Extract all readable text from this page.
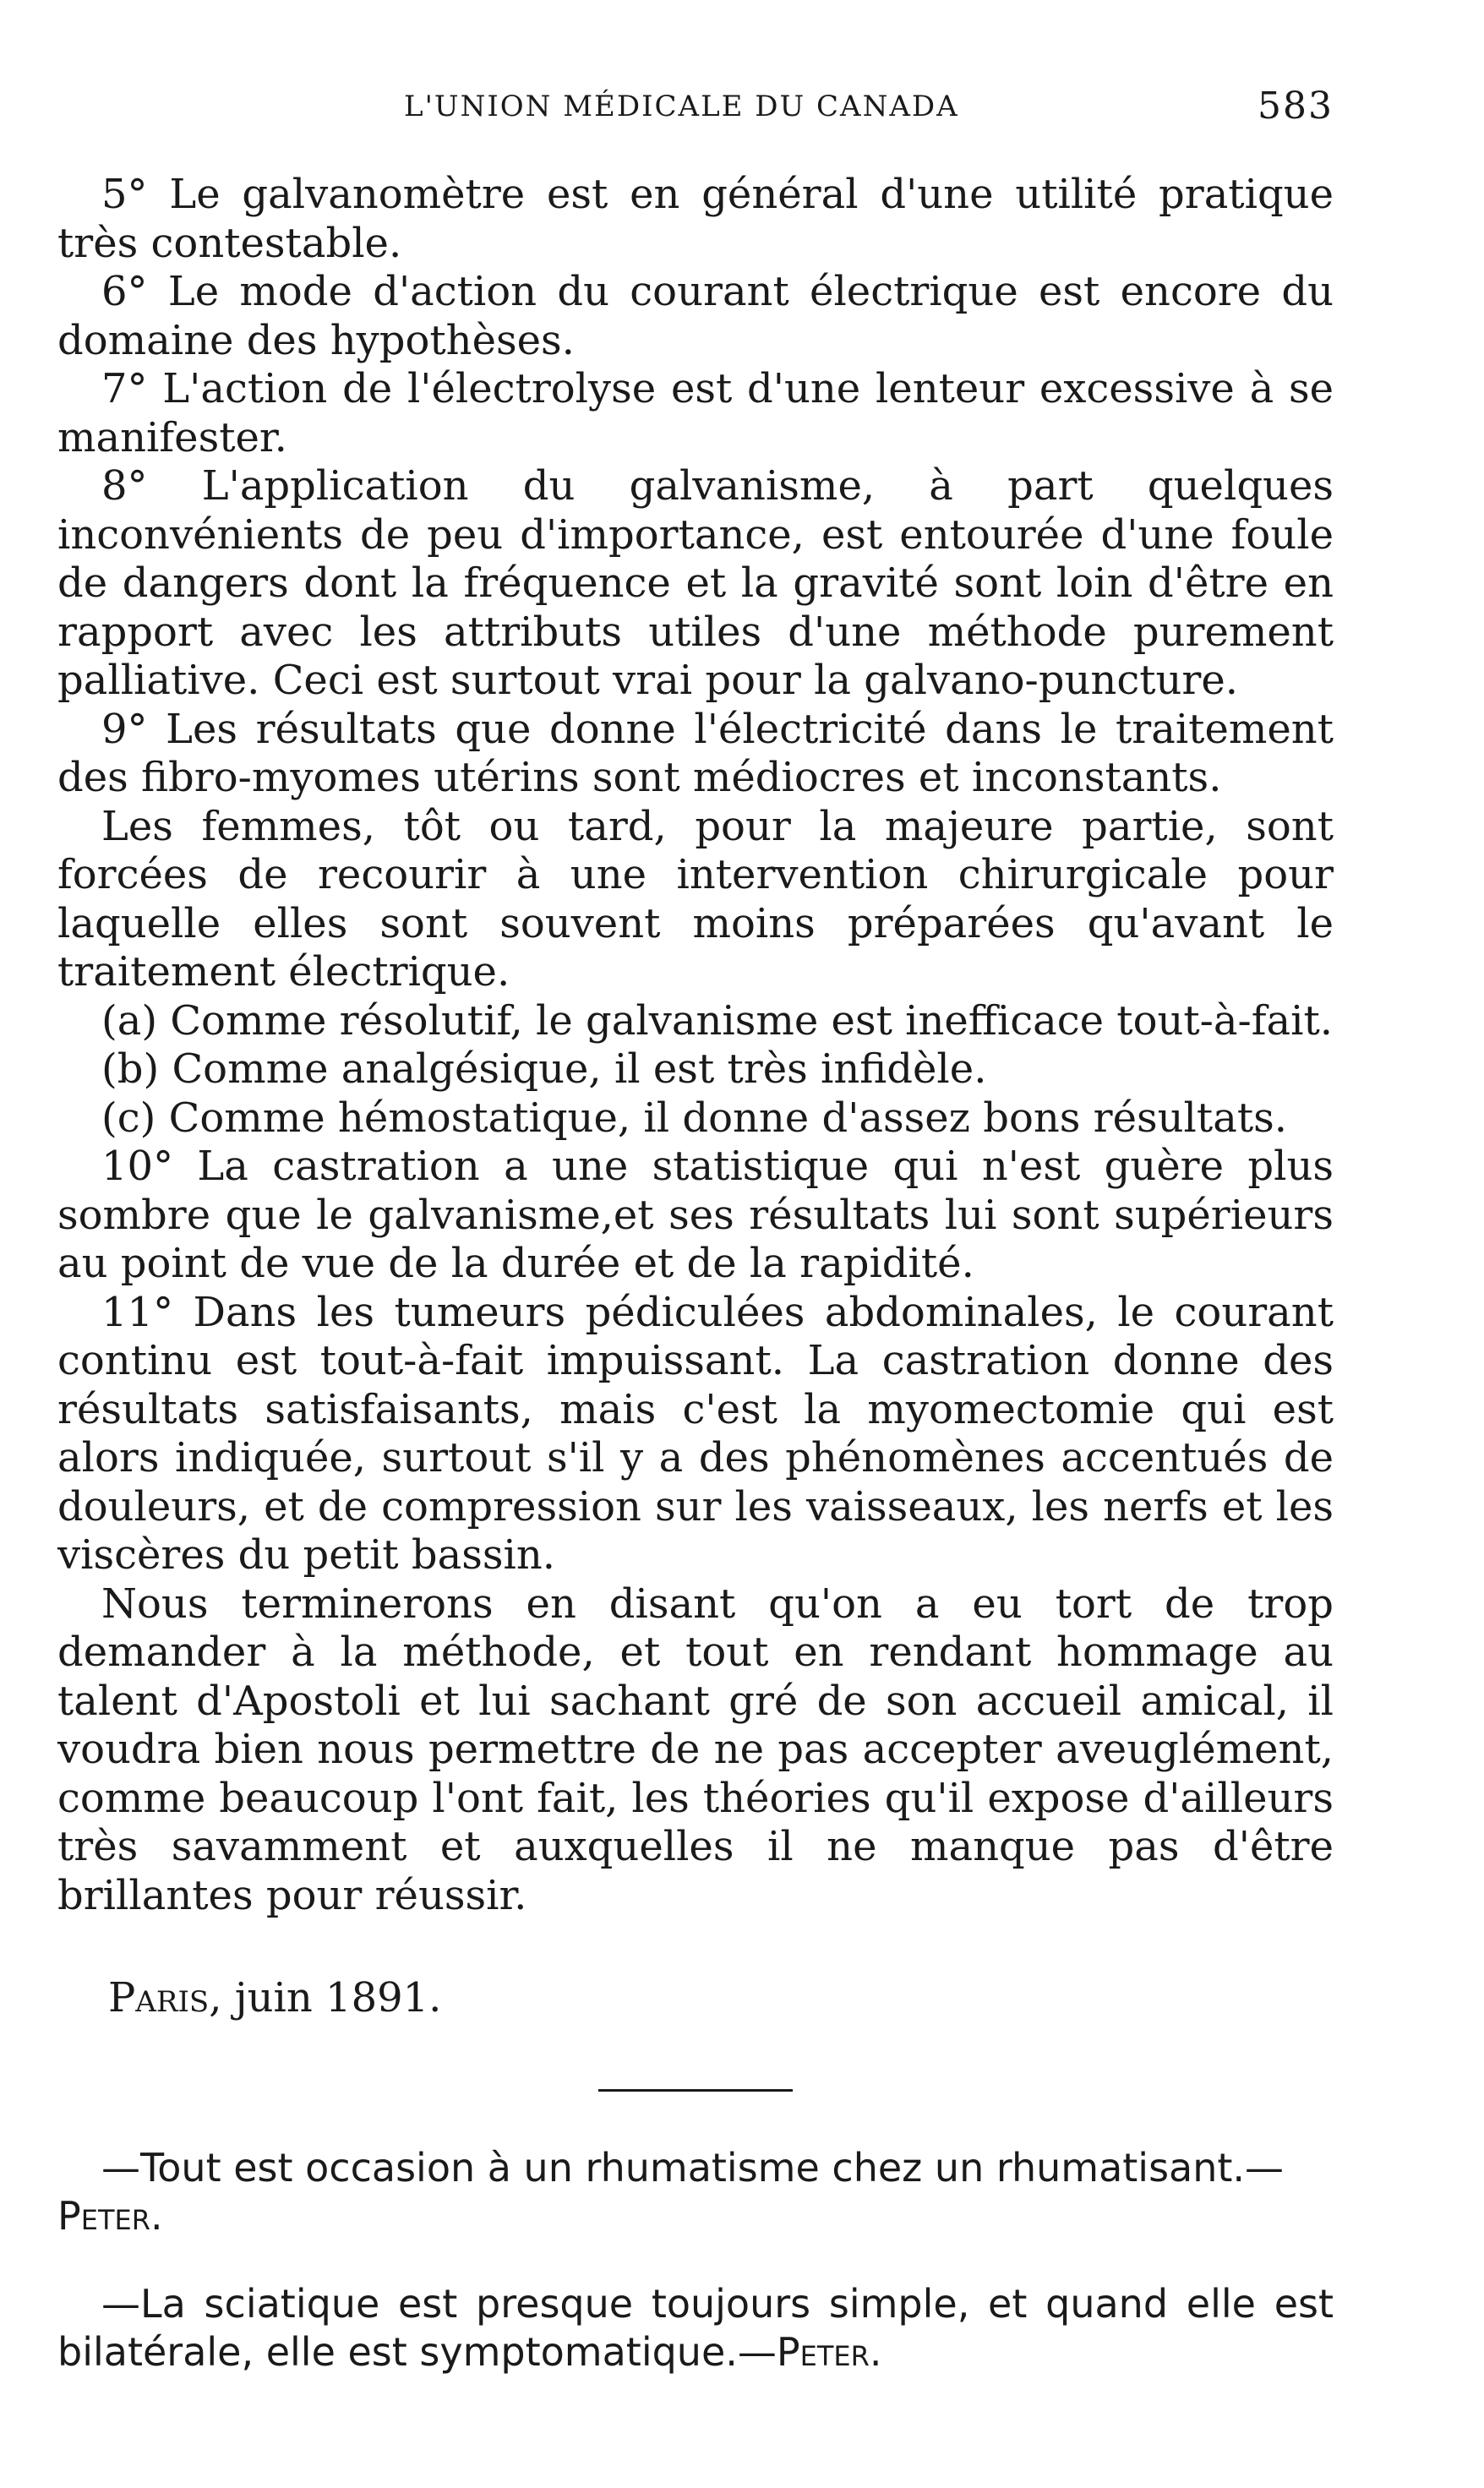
L'UNION MÉDICALE DU CANADA	583

5° Le galvanomètre est en général d'une utilité pratique très contestable.

6° Le mode d'action du courant électrique est encore du domaine des hypothèses.

7° L'action de l'électrolyse est d'une lenteur excessive à se manifester.

8° L'application du galvanisme, à part quelques inconvénients de peu d'importance, est entourée d'une foule de dangers dont la fréquence et la gravité sont loin d'être en rapport avec les attributs utiles d'une méthode purement palliative. Ceci est surtout vrai pour la galvano-puncture.

9° Les résultats que donne l'électricité dans le traitement des fibro-myomes utérins sont médiocres et inconstants.

Les femmes, tôt ou tard, pour la majeure partie, sont forcées de recourir à une intervention chirurgicale pour laquelle elles sont souvent moins préparées qu'avant le traitement électrique.

(a) Comme résolutif, le galvanisme est inefficace tout-à-fait.

(b) Comme analgésique, il est très infidèle.

(c) Comme hémostatique, il donne d'assez bons résultats.

10° La castration a une statistique qui n'est guère plus sombre que le galvanisme,et ses résultats lui sont supérieurs au point de vue de la durée et de la rapidité.

11° Dans les tumeurs pédiculées abdominales, le courant continu est tout-à-fait impuissant. La castration donne des résultats satisfaisants, mais c'est la myomectomie qui est alors indiquée, surtout s'il y a des phénomènes accentués de douleurs, et de compression sur les vaisseaux, les nerfs et les viscères du petit bassin.

Nous terminerons en disant qu'on a eu tort de trop demander à la méthode, et tout en rendant hommage au talent d'Apostoli et lui sachant gré de son accueil amical, il voudra bien nous permettre de ne pas accepter aveuglément, comme beaucoup l'ont fait, les théories qu'il expose d'ailleurs très savamment et auxquelles il ne manque pas d'être brillantes pour réussir.

Paris, juin 1891.

—Tout est occasion à un rhumatisme chez un rhumatisant.—
Peter.

—La sciatique est presque toujours simple, et quand elle est bilatérale, elle est symptomatique.—Peter.
